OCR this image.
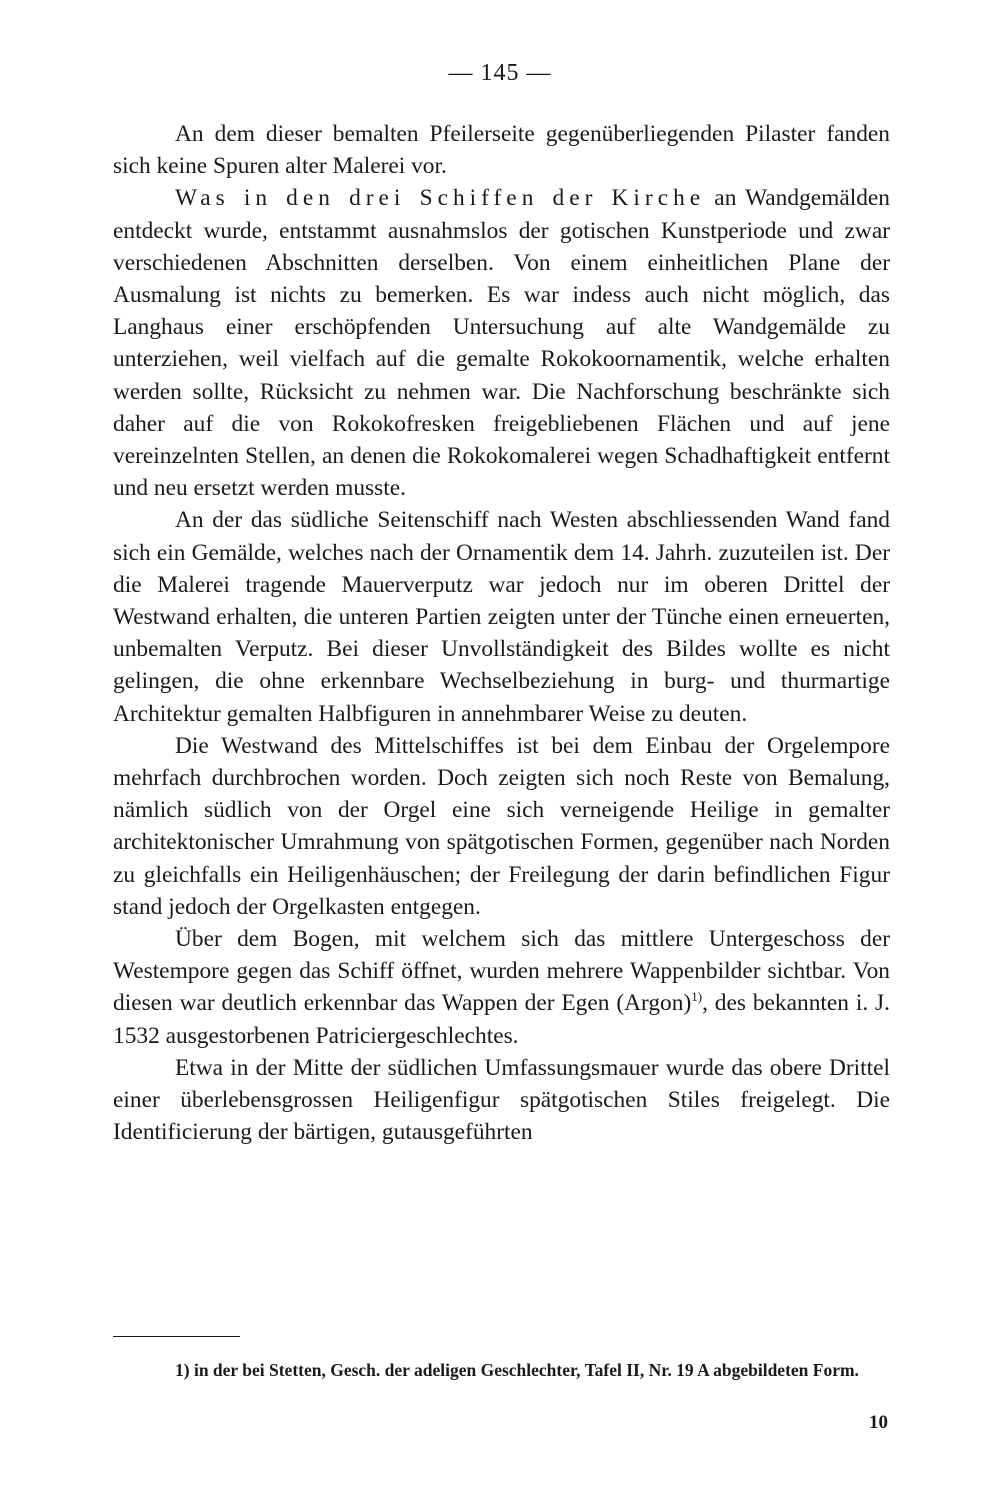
— 145 —

An dem dieser bemalten Pfeilerseite gegenüberliegenden Pilaster fanden sich keine Spuren alter Malerei vor.

Was in den drei Schiffen der Kirche an Wandgemälden entdeckt wurde, entstammt ausnahmslos der gotischen Kunstperiode und zwar verschiedenen Abschnitten derselben. Von einem einheitlichen Plane der Ausmalung ist nichts zu bemerken. Es war indess auch nicht möglich, das Langhaus einer erschöpfenden Untersuchung auf alte Wandgemälde zu unterziehen, weil vielfach auf die gemalte Rokokoornamentik, welche erhalten werden sollte, Rücksicht zu nehmen war. Die Nachforschung beschränkte sich daher auf die von Rokokofresken freigebliebenen Flächen und auf jene vereinzelnten Stellen, an denen die Rokokomalerei wegen Schadhaftigkeit entfernt und neu ersetzt werden musste.

An der das südliche Seitenschiff nach Westen abschliessenden Wand fand sich ein Gemälde, welches nach der Ornamentik dem 14. Jahrh. zuzuteilen ist. Der die Malerei tragende Mauerverputz war jedoch nur im oberen Drittel der Westwand erhalten, die unteren Partien zeigten unter der Tünche einen erneuerten, unbemalten Verputz. Bei dieser Unvollständigkeit des Bildes wollte es nicht gelingen, die ohne erkennbare Wechselbeziehung in burg- und thurmartige Architektur gemalten Halbfiguren in annehmbarer Weise zu deuten.

Die Westwand des Mittelschiffes ist bei dem Einbau der Orgelempore mehrfach durchbrochen worden. Doch zeigten sich noch Reste von Bemalung, nämlich südlich von der Orgel eine sich verneigende Heilige in gemalter architektonischer Umrahmung von spätgotischen Formen, gegenüber nach Norden zu gleichfalls ein Heiligenhäuschen; der Freilegung der darin befindlichen Figur stand jedoch der Orgelkasten entgegen.

Über dem Bogen, mit welchem sich das mittlere Untergeschoss der Westempore gegen das Schiff öffnet, wurden mehrere Wappenbilder sichtbar. Von diesen war deutlich erkennbar das Wappen der Egen (Argon)$^{1)}$, des bekannten i. J. 1532 ausgestorbenen Patriciergeschlechtes.

Etwa in der Mitte der südlichen Umfassungsmauer wurde das obere Drittel einer überlebensgrossen Heiligenfigur spätgotischen Stiles freigelegt. Die Identificierung der bärtigen, gutausgeführten

1) in der bei Stetten, Gesch. der adeligen Geschlechter, Tafel II, Nr. 19 A abgebildeten Form.
10
